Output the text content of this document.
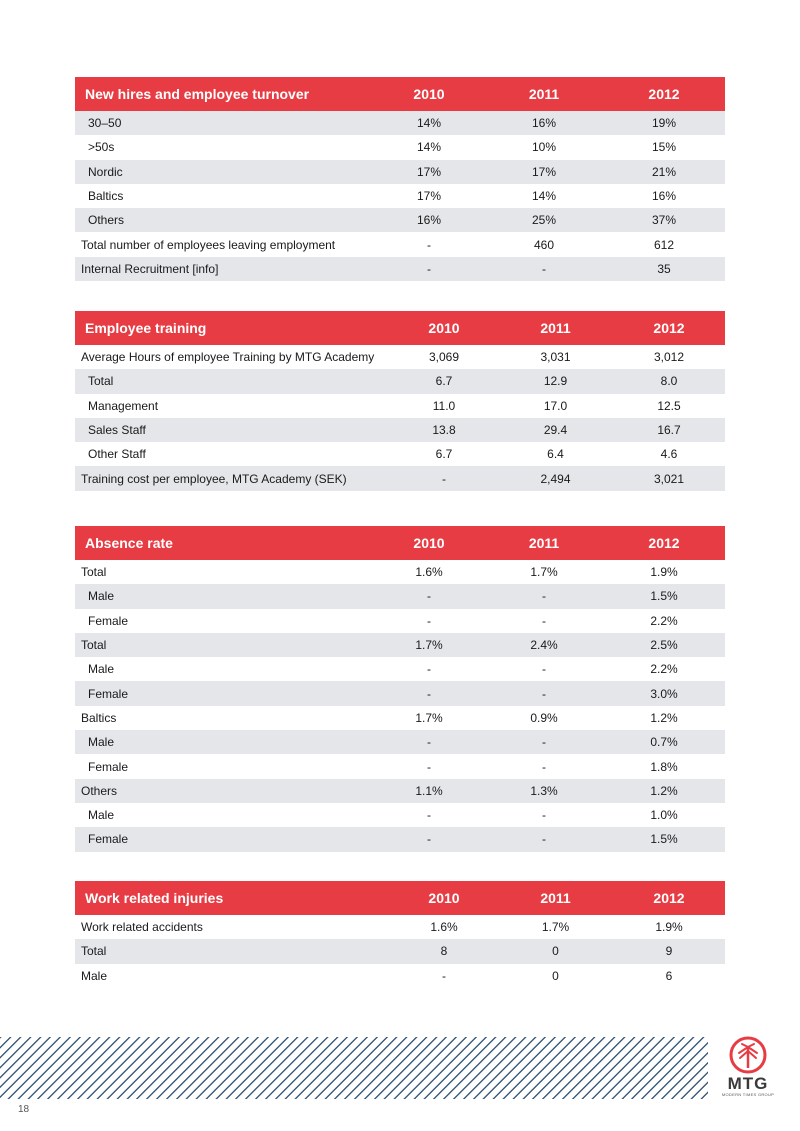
New hires and employee turnover	2010	2011	2012
30–50	14%	16%	19%
>50s	14%	10%	15%
Nordic	17%	17%	21%
Baltics	17%	14%	16%
Others	16%	25%	37%
Total number of employees leaving employment	-	460	612
Internal Recruitment [info]	-	-	35
Employee training	2010	2011	2012
Average Hours of employee Training by MTG Academy	3,069	3,031	3,012
Total	6.7	12.9	8.0
Management	11.0	17.0	12.5
Sales Staff	13.8	29.4	16.7
Other Staff	6.7	6.4	4.6
Training cost per employee, MTG Academy (SEK)	-	2,494	3,021
Absence rate	2010	2011	2012
Total	1.6%	1.7%	1.9%
Male	-	-	1.5%
Female	-	-	2.2%
Total	1.7%	2.4%	2.5%
Male	-	-	2.2%
Female	-	-	3.0%
Baltics	1.7%	0.9%	1.2%
Male	-	-	0.7%
Female	-	-	1.8%
Others	1.1%	1.3%	1.2%
Male	-	-	1.0%
Female	-	-	1.5%
Work related injuries	2010	2011	2012
Work related accidents	1.6%	1.7%	1.9%
Total	8	0	9
Male	-	0	6
MTG
MODERN TIMES GROUP
18
